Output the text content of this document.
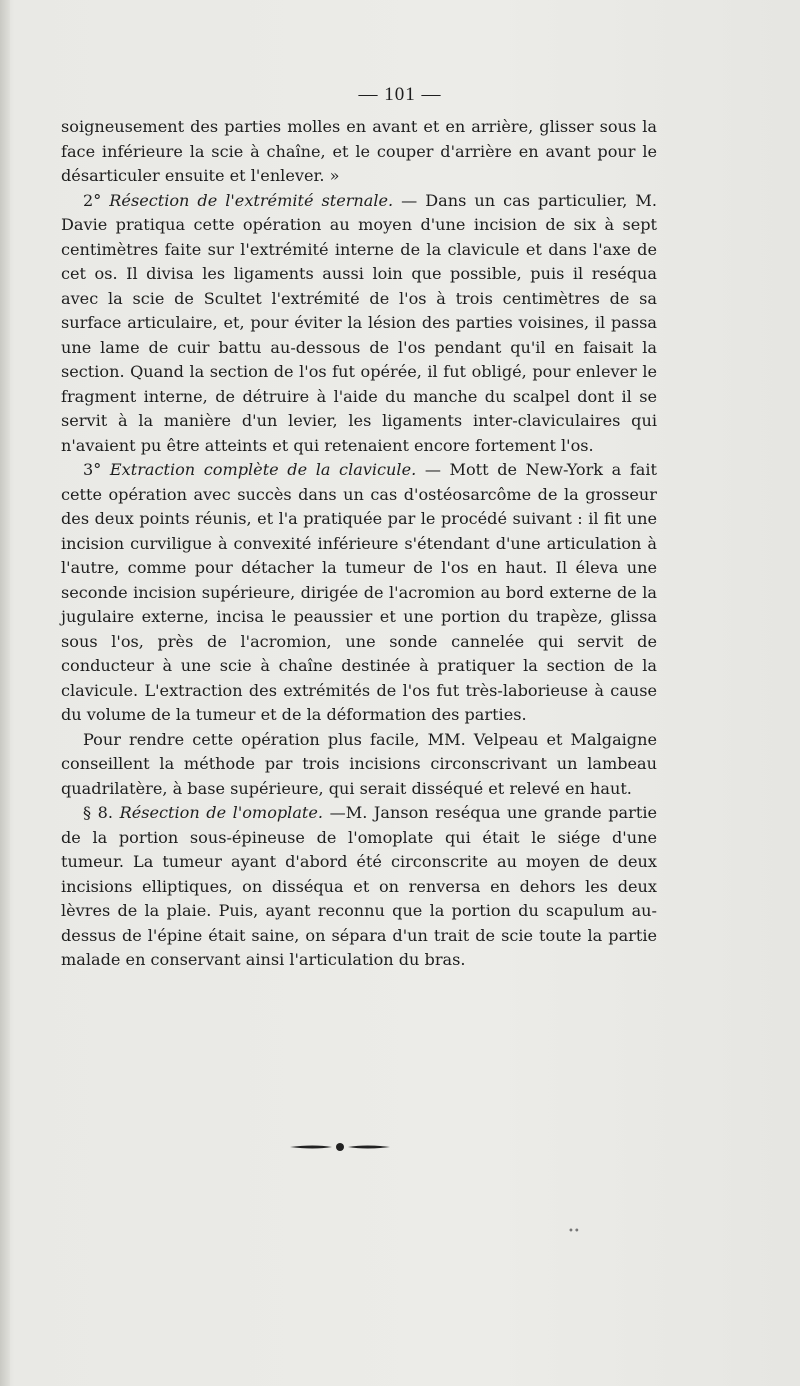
— 101 —

soigneusement des parties molles en avant et en arrière, glisser sous la face inférieure la scie à chaîne, et le couper d'arrière en avant pour le désarticuler ensuite et l'enlever. »

2° Résection de l'extrémité sternale. — Dans un cas particulier, M. Davie pratiqua cette opération au moyen d'une incision de six à sept centimètres faite sur l'extrémité interne de la clavicule et dans l'axe de cet os. Il divisa les ligaments aussi loin que possible, puis il reséqua avec la scie de Scultet l'extrémité de l'os à trois centimètres de sa surface articulaire, et, pour éviter la lésion des parties voisines, il passa une lame de cuir battu au-dessous de l'os pendant qu'il en faisait la section. Quand la section de l'os fut opérée, il fut obligé, pour enlever le fragment interne, de détruire à l'aide du manche du scalpel dont il se servit à la manière d'un levier, les ligaments inter-claviculaires qui n'avaient pu être atteints et qui retenaient encore fortement l'os.

3° Extraction complète de la clavicule. — Mott de New-York a fait cette opération avec succès dans un cas d'ostéosarcôme de la grosseur des deux points réunis, et l'a pratiquée par le procédé suivant : il fit une incision curviligue à convexité inférieure s'étendant d'une articulation à l'autre, comme pour détacher la tumeur de l'os en haut. Il éleva une seconde incision supérieure, dirigée de l'acromion au bord externe de la jugulaire externe, incisa le peaussier et une portion du trapèze, glissa sous l'os, près de l'acromion, une sonde cannelée qui servit de conducteur à une scie à chaîne destinée à pratiquer la section de la clavicule. L'extraction des extrémités de l'os fut très-laborieuse à cause du volume de la tumeur et de la déformation des parties.

Pour rendre cette opération plus facile, MM. Velpeau et Malgaigne conseillent la méthode par trois incisions circonscrivant un lambeau quadrilatère, à base supérieure, qui serait disséqué et relevé en haut.

§ 8. Résection de l'omoplate. —M. Janson reséqua une grande partie de la portion sous-épineuse de l'omoplate qui était le siége d'une tumeur. La tumeur ayant d'abord été circonscrite au moyen de deux incisions elliptiques, on disséqua et on renversa en dehors les deux lèvres de la plaie. Puis, ayant reconnu que la portion du scapulum au-dessus de l'épine était saine, on sépara d'un trait de scie toute la partie malade en conservant ainsi l'articulation du bras.

••
